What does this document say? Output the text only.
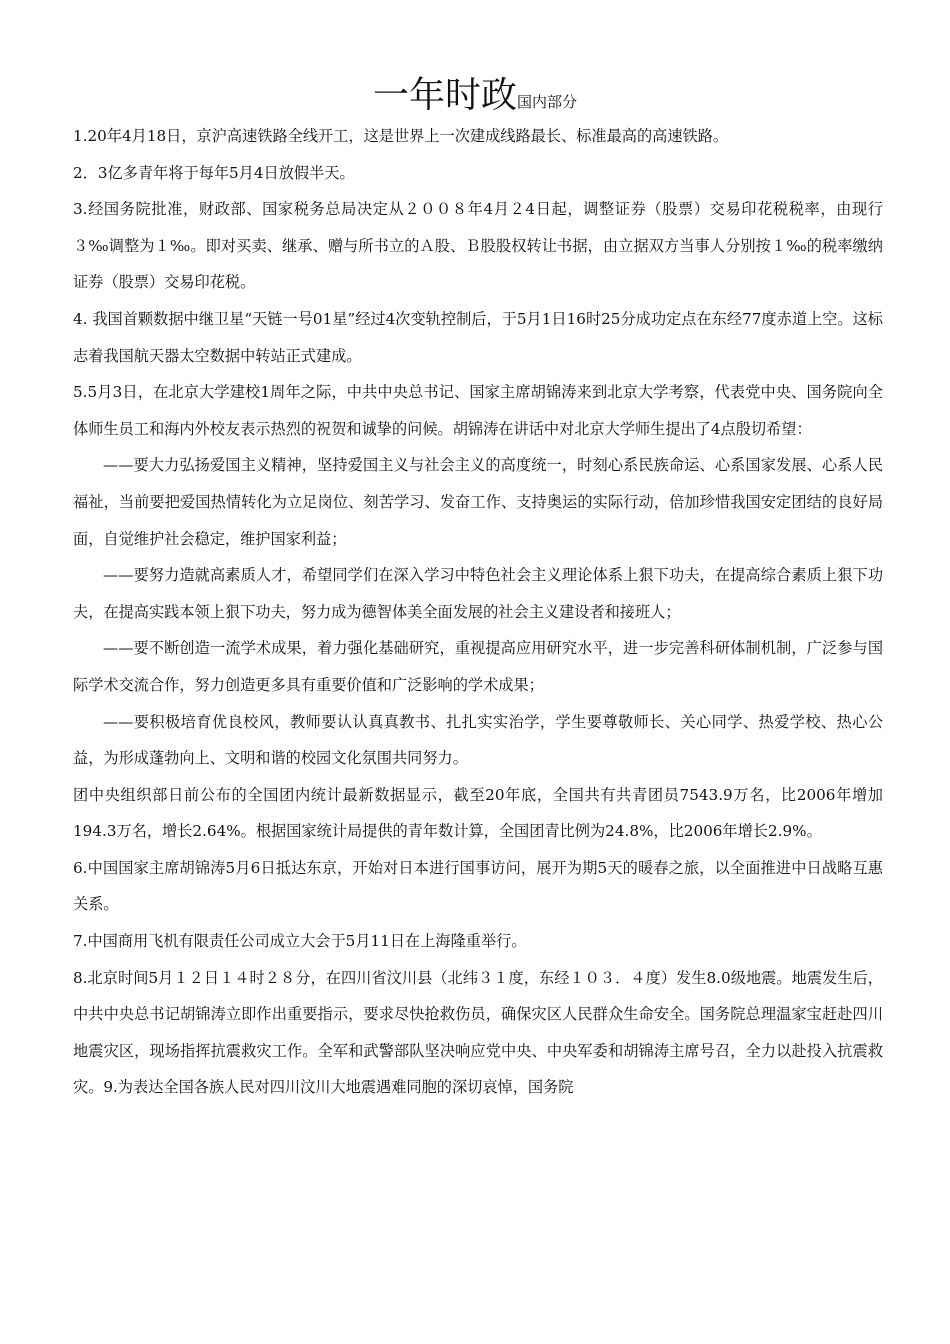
一年时政国内部分

1.20年4月18日，京沪高速铁路全线开工，这是世界上一次建成线路最长、标准最高的高速铁路。

2．3亿多青年将于每年5月4日放假半天。

3.经国务院批准，财政部、国家税务总局决定从２００８年4月２4日起，调整证券（股票）交易印花税税率，由现行３‰调整为１‰。即对买卖、继承、赠与所书立的Ａ股、Ｂ股股权转让书据，由立据双方当事人分别按１‰的税率缴纳证券（股票）交易印花税。

4. 我国首颗数据中继卫星“天链一号01星”经过4次变轨控制后，于5月1日16时25分成功定点在东经77度赤道上空。这标志着我国航天器太空数据中转站正式建成。

5.5月3日，在北京大学建校1周年之际，中共中央总书记、国家主席胡锦涛来到北京大学考察，代表党中央、国务院向全体师生员工和海内外校友表示热烈的祝贺和诚挚的问候。胡锦涛在讲话中对北京大学师生提出了4点殷切希望：

——要大力弘扬爱国主义精神，坚持爱国主义与社会主义的高度统一，时刻心系民族命运、心系国家发展、心系人民福祉，当前要把爱国热情转化为立足岗位、刻苦学习、发奋工作、支持奥运的实际行动，倍加珍惜我国安定团结的良好局面，自觉维护社会稳定，维护国家利益；

——要努力造就高素质人才，希望同学们在深入学习中特色社会主义理论体系上狠下功夫，在提高综合素质上狠下功夫，在提高实践本领上狠下功夫，努力成为德智体美全面发展的社会主义建设者和接班人；

——要不断创造一流学术成果，着力强化基础研究，重视提高应用研究水平，进一步完善科研体制机制，广泛参与国际学术交流合作，努力创造更多具有重要价值和广泛影响的学术成果；

——要积极培育优良校风，教师要认认真真教书、扎扎实实治学，学生要尊敬师长、关心同学、热爱学校、热心公益，为形成蓬勃向上、文明和谐的校园文化氛围共同努力。

团中央组织部日前公布的全国团内统计最新数据显示，截至20年底，全国共有共青团员7543.9万名，比2006年增加194.3万名，增长2.64%。根据国家统计局提供的青年数计算，全国团青比例为24.8%，比2006年增长2.9%。

6.中国国家主席胡锦涛5月6日抵达东京，开始对日本进行国事访问，展开为期5天的暖春之旅，以全面推进中日战略互惠关系。

7.中国商用飞机有限责任公司成立大会于5月11日在上海隆重举行。

8.北京时间5月１２日１４时２８分，在四川省汶川县（北纬３１度，东经１０３．４度）发生8.0级地震。地震发生后，中共中央总书记胡锦涛立即作出重要指示，要求尽快抢救伤员，确保灾区人民群众生命安全。国务院总理温家宝赶赴四川地震灾区，现场指挥抗震救灾工作。全军和武警部队坚决响应党中央、中央军委和胡锦涛主席号召，全力以赴投入抗震救灾。9.为表达全国各族人民对四川汶川大地震遇难同胞的深切哀悼，国务院
